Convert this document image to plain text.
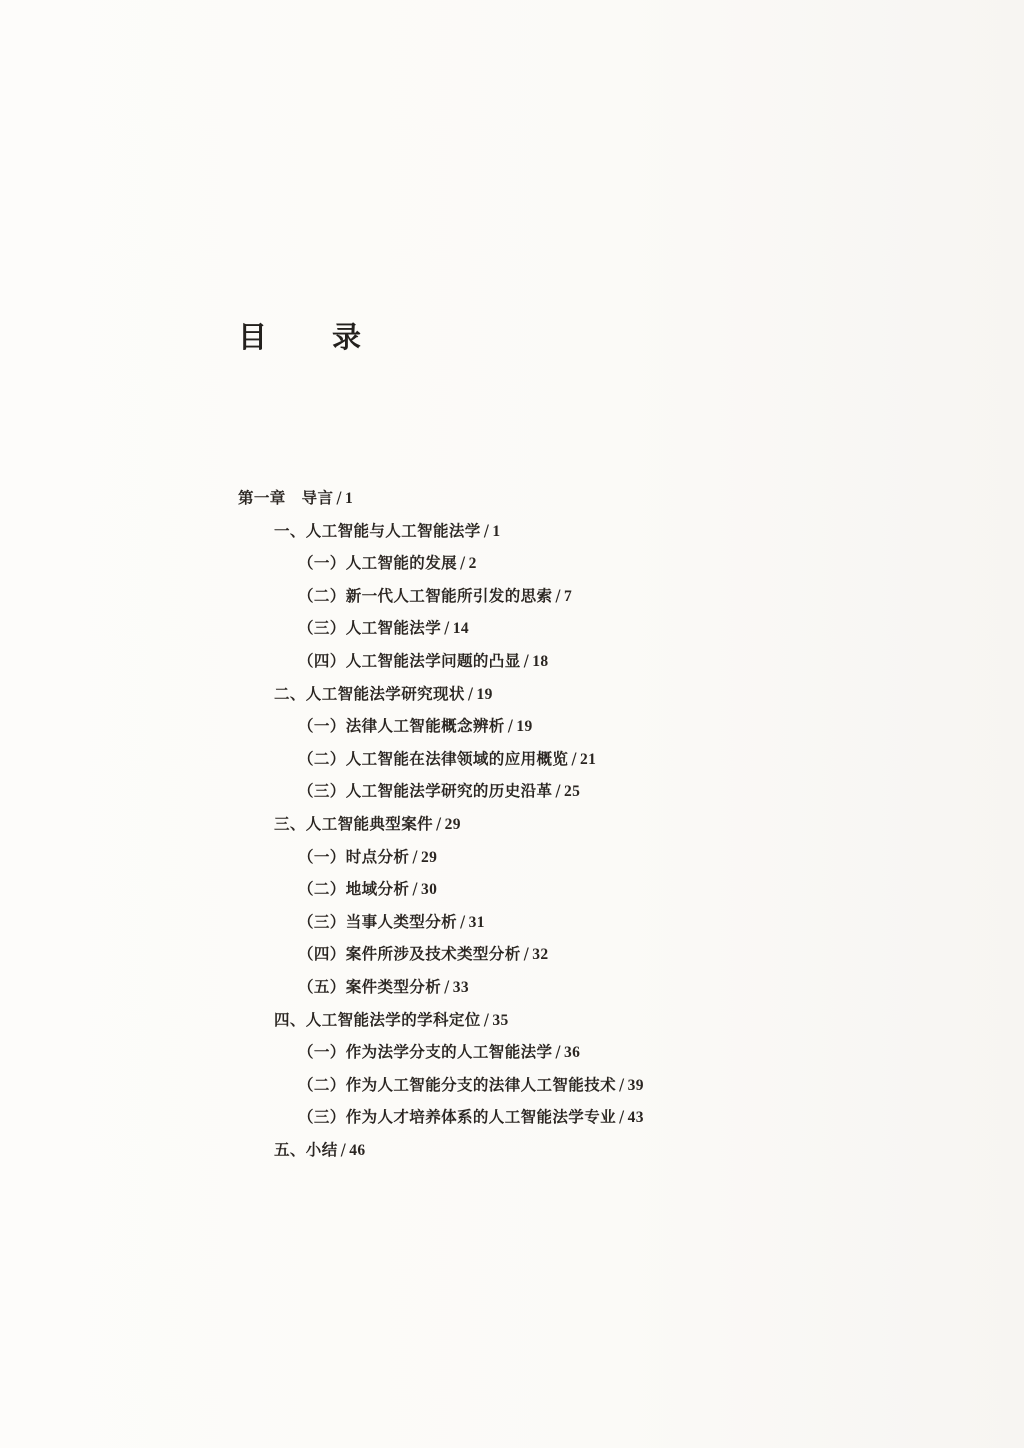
目　录
第一章　导言 / 1
一、人工智能与人工智能法学 / 1
（一）人工智能的发展 / 2
（二）新一代人工智能所引发的思索 / 7
（三）人工智能法学 / 14
（四）人工智能法学问题的凸显 / 18
二、人工智能法学研究现状 / 19
（一）法律人工智能概念辨析 / 19
（二）人工智能在法律领域的应用概览 / 21
（三）人工智能法学研究的历史沿革 / 25
三、人工智能典型案件 / 29
（一）时点分析 / 29
（二）地域分析 / 30
（三）当事人类型分析 / 31
（四）案件所涉及技术类型分析 / 32
（五）案件类型分析 / 33
四、人工智能法学的学科定位 / 35
（一）作为法学分支的人工智能法学 / 36
（二）作为人工智能分支的法律人工智能技术 / 39
（三）作为人才培养体系的人工智能法学专业 / 43
五、小结 / 46
